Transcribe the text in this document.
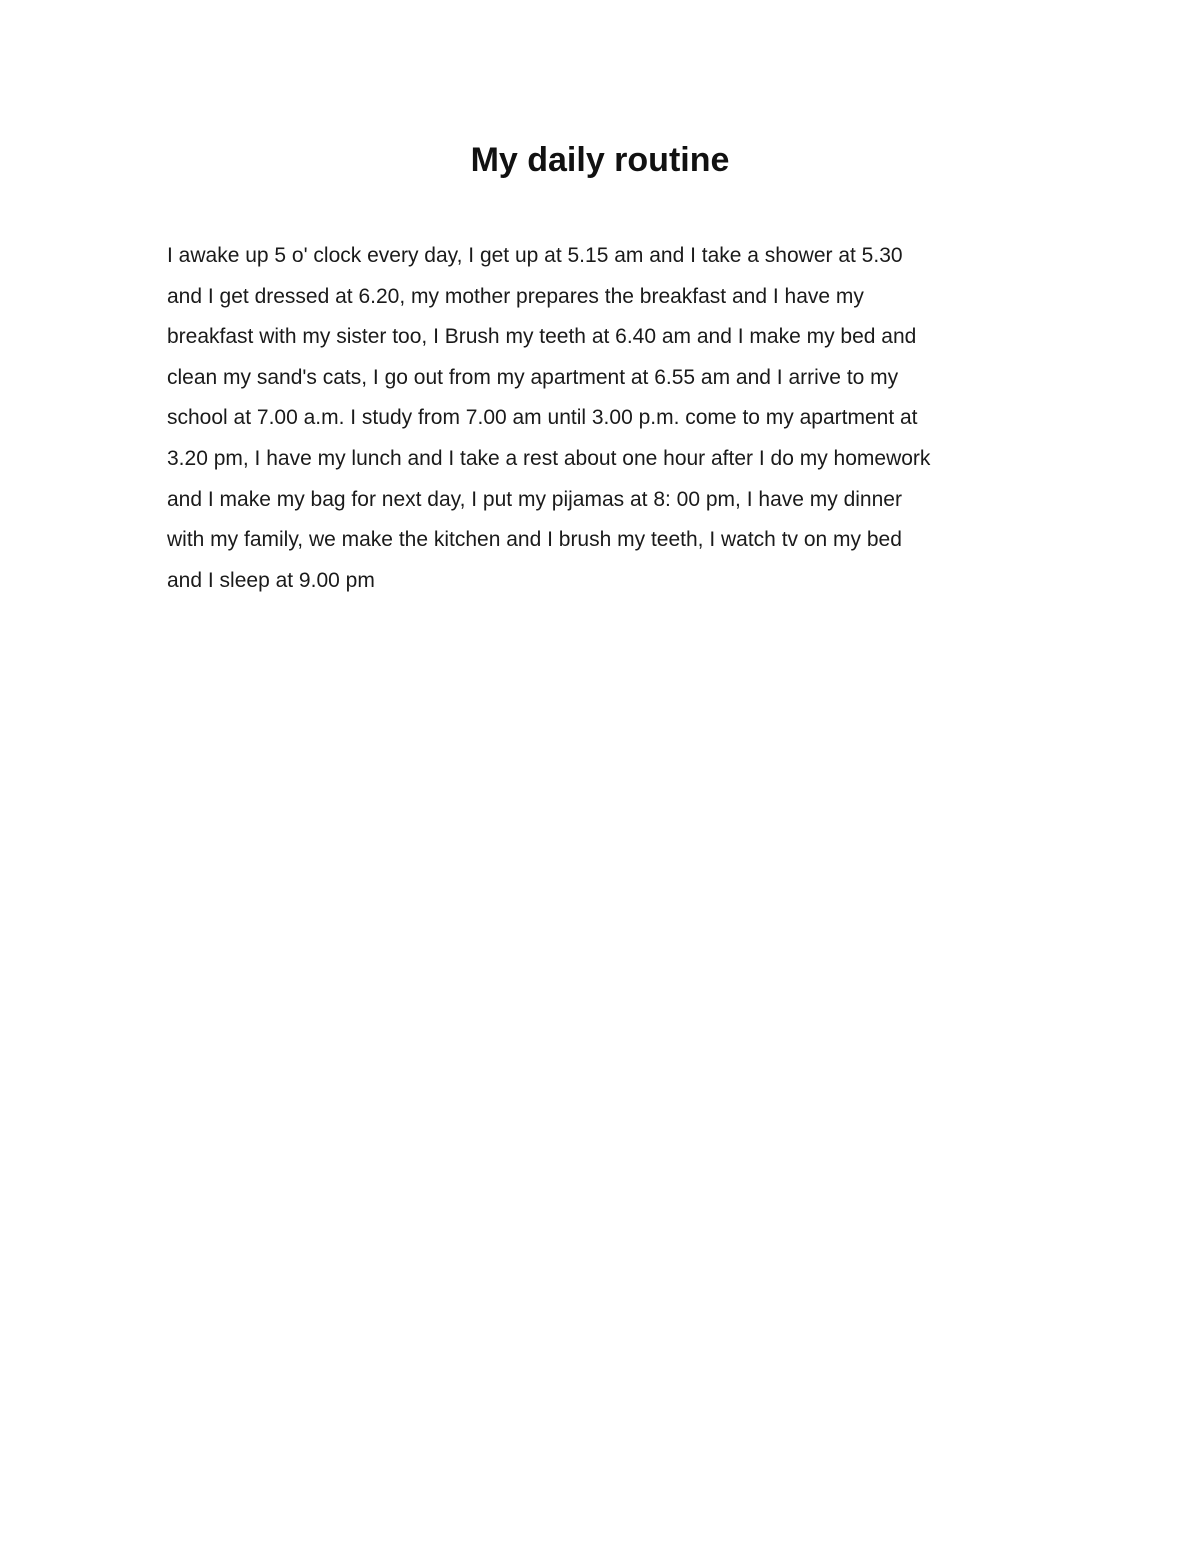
My daily routine

I awake up 5 o' clock every day, I get up at 5.15 am and I take a shower at 5.30
and I get dressed at 6.20, my mother prepares the breakfast and I have my
breakfast with my sister too, I Brush my teeth at 6.40 am and I make my bed and
clean my sand's cats, I go out from my apartment at 6.55 am and I arrive to my
school at 7.00 a.m. I study from 7.00 am until 3.00 p.m. come to my apartment at
3.20 pm, I have my lunch and I take a rest about one hour after I do my homework
and I make my bag for next day, I put my pijamas at 8: 00 pm, I have my dinner
with my family, we make the kitchen and I brush my teeth, I watch tv on my bed
and I sleep at 9.00 pm
